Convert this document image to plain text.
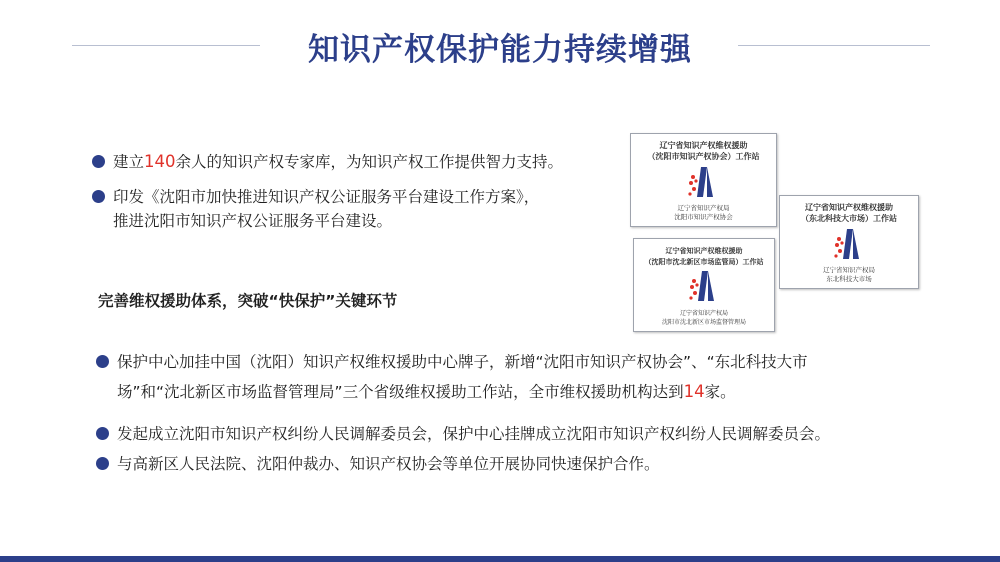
知识产权保护能力持续增强
建立140余人的知识产权专家库，为知识产权工作提供智力支持。
印发《沈阳市加快推进知识产权公证服务平台建设工作方案》，
推进沈阳市知识产权公证服务平台建设。
完善维权援助体系，突破“快保护”关键环节
保护中心加挂中国（沈阳）知识产权维权援助中心牌子，新增“沈阳市知识产权协会”、“东北科技大市
场”和“沈北新区市场监督管理局”三个省级维权援助工作站，全市维权援助机构达到14家。
发起成立沈阳市知识产权纠纷人民调解委员会，保护中心挂牌成立沈阳市知识产权纠纷人民调解委员会。
与高新区人民法院、沈阳仲裁办、知识产权协会等单位开展协同快速保护合作。
辽宁省知识产权维权援助
（沈阳市知识产权协会）工作站
辽宁省知识产权局
沈阳市知识产权协会
辽宁省知识产权维权援助
（沈阳市沈北新区市场监管局）工作站
辽宁省知识产权局
沈阳市沈北新区市场监督管理局
辽宁省知识产权维权援助
（东北科技大市场）工作站
辽宁省知识产权局
东北科技大市场
